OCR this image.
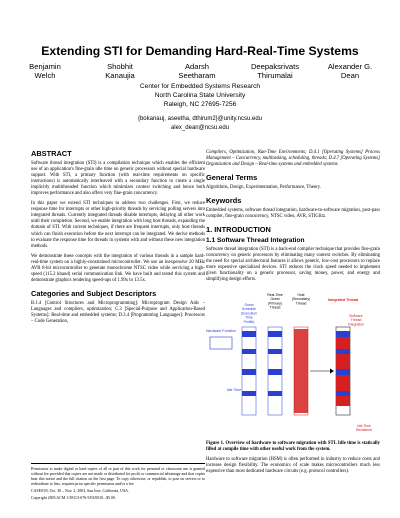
Extending STI for Demanding Hard-Real-Time Systems
Benjamin
Welch
Shobhit
Kanaujia
Adarsh
Seetharam
Deepaksrivats
Thirumalai
Alexander G.
Dean
Center for Embedded Systems Research
North Carolina State University
Raleigh, NC 27695-7256
{bokanauj, aseetha, dthirum2}@unity.ncsu.edu
alex_dean@ncsu.edu
ABSTRACT

Software thread integration (STI) is a compilation technique which enables the efficient use of an application's fine-grain idle time on generic processors without special hardware support. With STI, a primary function (with real-time requirements on specific instructions) is automatically interleaved with a secondary function to create a single implicitly multithreaded function which minimizes context switching and hence both improves performance and also offers very fine-grain concurrency.

In this paper we extend STI techniques to address two challenges. First, we reduce response time for interrupts or other high-priority threads by servicing polling servers into integrated threads. Currently integrated threads disable interrupts, delaying all other work until their completion. Second, we enable integration with long host threads, expanding the domain of STI. With current techniques, if there are frequent interrupts, only host threads which can finish execution before the next interrupt can be integrated. We derive methods to evaluate the response time for threads in systems with and without these new integration methods.

We demonstrate these concepts with the integration of various threads in a sample hard-real-time system on a highly-constrained microcontroller. We use an inexpensive 20 MHz AVR 8-bit microcontroller to generate monochrome NTSC video while servicing a high-speed (115.2 kbaud) serial communication link. We have built and tested this system and demonstrate graphics rendering speed-ups of 1.99x to 13.5x.

Categories and Subject Descriptors

B.1.4 [Control Structures and Microprogramming]: Microprogram Design Aids – Languages and compilers, optimization; C.3 [Special-Purpose and Application-Based Systems]: Real-time and embedded systems; D.3.4 [Programming Languages]: Processors – Code Generation,

Permission to make digital or hard copies of all or part of this work for personal or classroom use is granted without fee provided that copies are not made or distributed for profit or commercial advantage and that copies bear this notice and the full citation on the first page. To copy otherwise, or republish, to post on servers or to redistribute to lists, requires prior specific permission and/or a fee.

CASES'03, Oct. 30 – Nov. 2, 2003, San Jose, California, USA.

Copyright 2003 ACM 1-58113-676-5/03/0010...$5.00.

Compilers, Optimization, Run-Time Environments; D.4.1 [Operating Systems] Process Management – Concurrency, multitasking, scheduling, threads; D.4.7 [Operating Systems] Organization and Design – Real-time systems and embedded systems.

General Terms

Algorithms, Design, Experimentation, Performance, Theory.

Keywords

Embedded systems, software thread integration, hardware-to-software migration, post-pass compiler, fine-grain concurrency, NTSC video, AVR, STIGlitz.

1. INTRODUCTION
1.1 Software Thread Integration

Software thread integration (STI) is a back-end compiler technique that provides fine-grain concurrency on generic processors by eliminating many context switches. By eliminating the need for special architectural features it allows generic, low-cost processors to replace more expensive specialized devices. STI reduces the clock speed needed to implement given functionality on a generic processor, saving money, power, and energy and simplifying design efforts.

Hardware Function
Guest Schedule (Execution Time Profile)
Idle Time
Real-Time Guest (Primary) Thread
Host (Secondary) Thread
Software Thread Integration
Integrated Thread
Idle Time Reclaimed

Figure 1. Overview of hardware to software migration with STI. Idle time is statically filled at compile time with other useful work from the system.

Hardware to software migration (HSM) is often performed in industry to reduce costs and increase design flexibility. The economics of scale makes microcontrollers much less expensive than most dedicated hardware circuits (e.g. protocol controllers).
